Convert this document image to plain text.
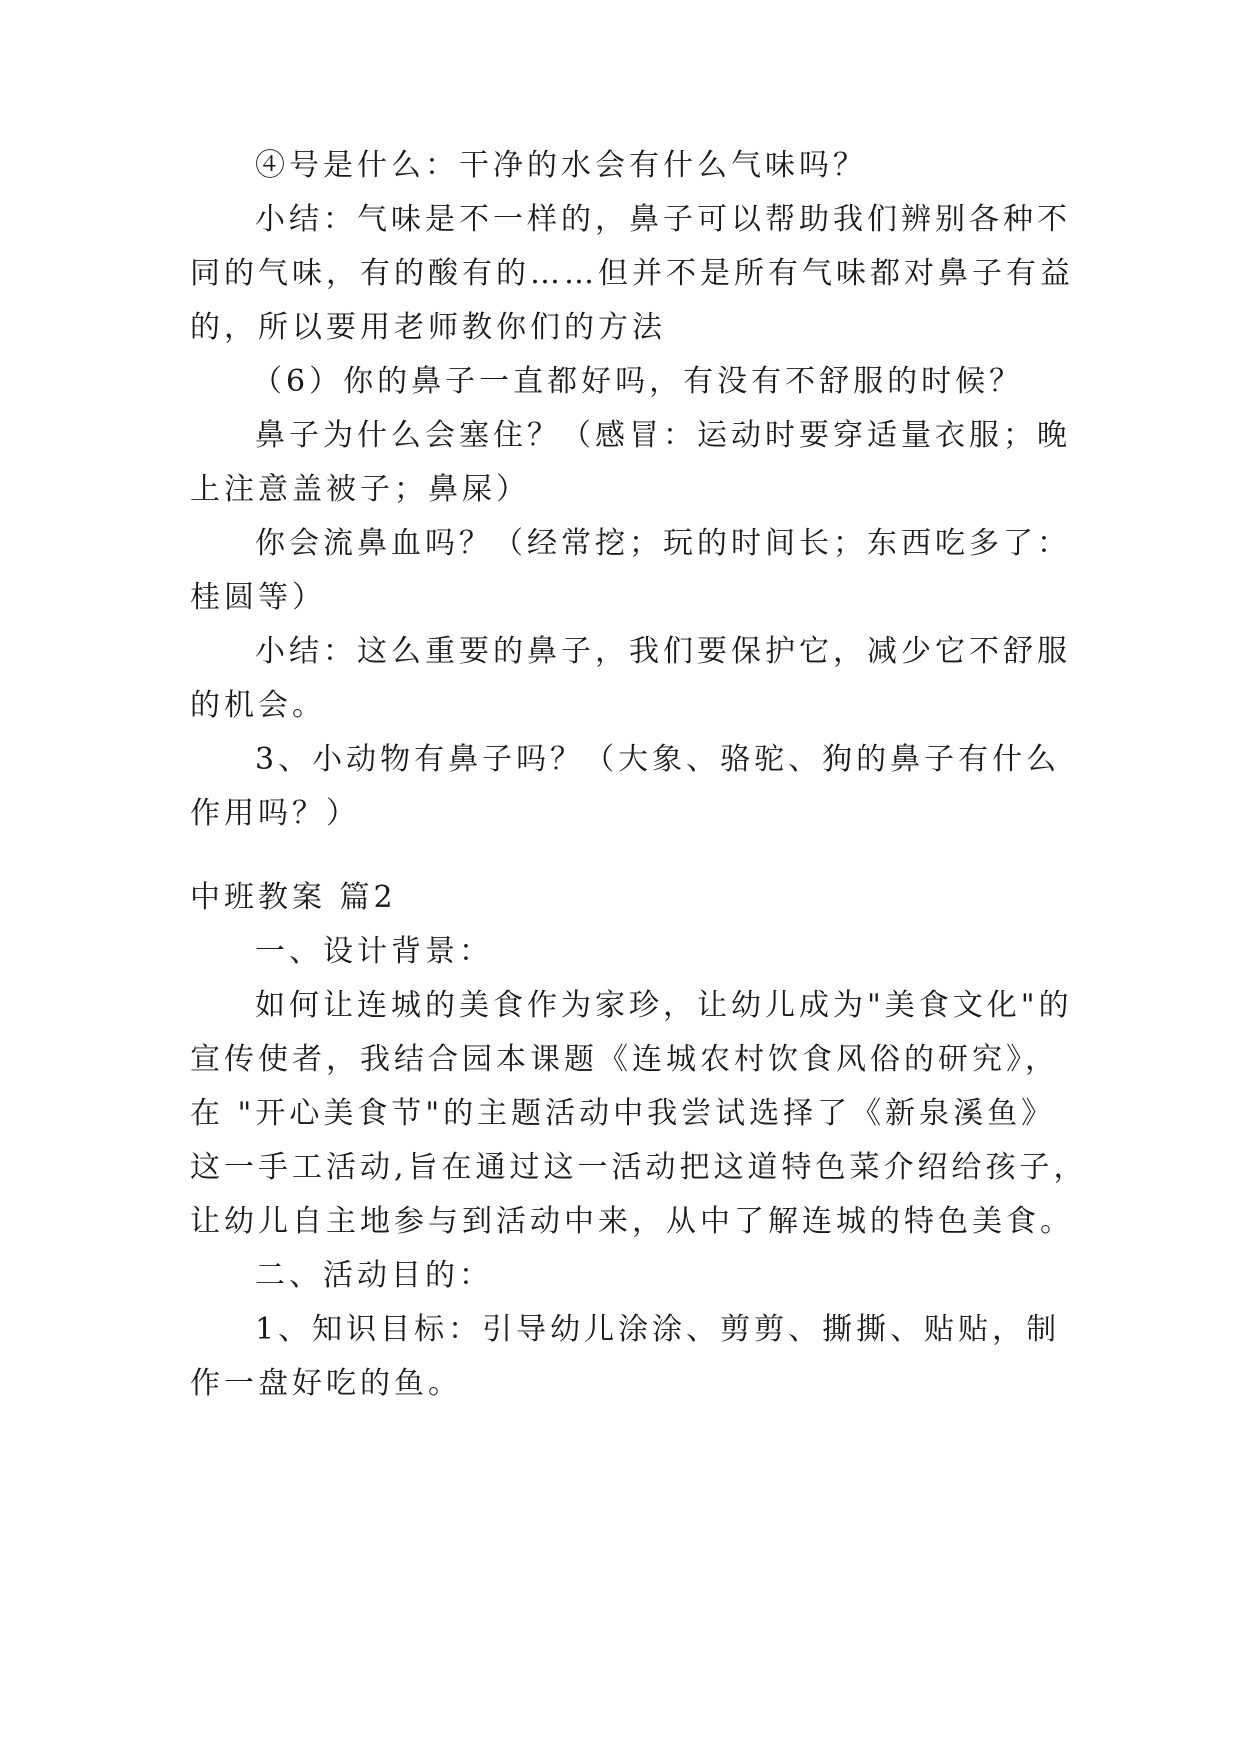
④号是什么：干净的水会有什么气味吗？
小结：气味是不一样的，鼻子可以帮助我们辨别各种不
同的气味，有的酸有的……但并不是所有气味都对鼻子有益
的，所以要用老师教你们的方法
（6）你的鼻子一直都好吗，有没有不舒服的时候？
鼻子为什么会塞住？（感冒：运动时要穿适量衣服；晚
上注意盖被子；鼻屎）
你会流鼻血吗？（经常挖；玩的时间长；东西吃多了：
桂圆等）
小结：这么重要的鼻子，我们要保护它，减少它不舒服
的机会。
3、小动物有鼻子吗？（大象、骆驼、狗的鼻子有什么
作用吗？）
中班教案 篇2
一、设计背景：
如何让连城的美食作为家珍，让幼儿成为"美食文化"的
宣传使者，我结合园本课题《连城农村饮食风俗的研究》，
在 "开心美食节"的主题活动中我尝试选择了《新泉溪鱼》
这一手工活动,旨在通过这一活动把这道特色菜介绍给孩子，
让幼儿自主地参与到活动中来，从中了解连城的特色美食。
二、活动目的：
1、知识目标：引导幼儿涂涂、剪剪、撕撕、贴贴，制
作一盘好吃的鱼。
